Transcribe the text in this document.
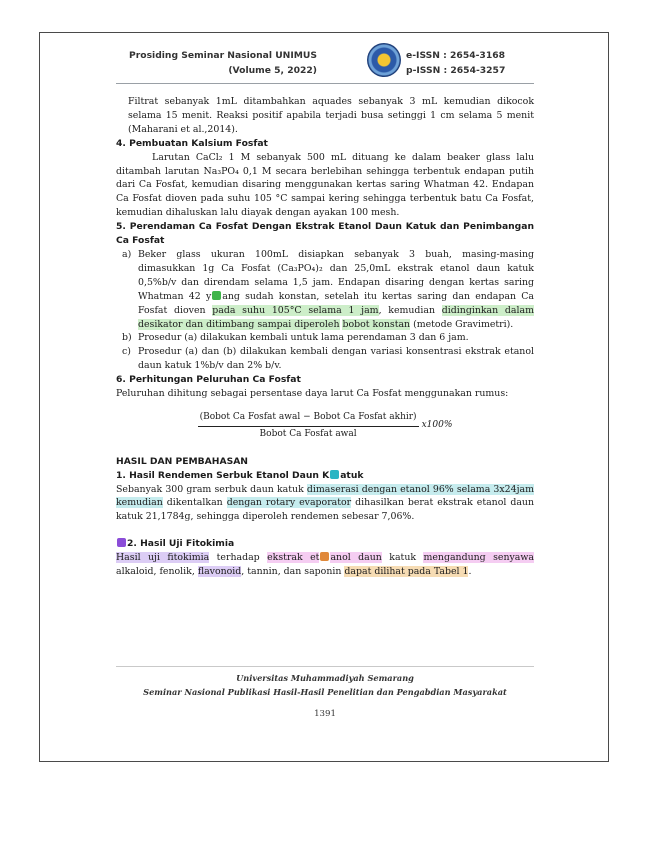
Prosiding Seminar Nasional UNIMUS
(Volume 5, 2022)
e-ISSN : 2654-3168
p-ISSN : 2654-3257

Filtrat sebanyak 1mL ditambahkan aquades sebanyak 3 mL kemudian dikocok selama 15 menit. Reaksi positif apabila terjadi busa setinggi 1 cm selama 5 menit (Maharani et al.,2014).

4. Pembuatan Kalsium Fosfat

Larutan CaCl₂ 1 M sebanyak 500 mL dituang ke dalam beaker glass lalu ditambah larutan Na₃PO₄ 0,1 M secara berlebihan sehingga terbentuk endapan putih dari Ca Fosfat, kemudian disaring menggunakan kertas saring Whatman 42. Endapan Ca Fosfat dioven pada suhu 105 °C sampai kering sehingga terbentuk batu Ca Fosfat, kemudian dihaluskan lalu diayak dengan ayakan 100 mesh.

5. Perendaman Ca Fosfat Dengan Ekstrak Etanol Daun Katuk dan Penimbangan Ca Fosfat

a) Beker glass ukuran 100mL disiapkan sebanyak 3 buah, masing-masing dimasukkan 1g Ca Fosfat (Ca₃PO₄)₂ dan 25,0mL ekstrak etanol daun katuk 0,5%b/v dan direndam selama 1,5 jam. Endapan disaring dengan kertas saring Whatman 42 y ang sudah konstan, setelah itu kertas saring dan endapan Ca Fosfat dioven pada suhu 105°C selama 1 jam, kemudian didinginkan dalam desikator dan ditimbang sampai diperoleh bobot konstan (metode Gravimetri).
b) Prosedur (a) dilakukan kembali untuk lama perendaman 3 dan 6 jam.
c) Prosedur (a) dan (b) dilakukan kembali dengan variasi konsentrasi ekstrak etanol daun katuk 1%b/v dan 2% b/v.

6. Perhitungan Peluruhan Ca Fosfat

Peluruhan dihitung sebagai persentase daya larut Ca Fosfat menggunakan rumus:

$\frac{\text{(Bobot Ca Fosfat awal − Bobot Ca Fosfat akhir)}}{\text{Bobot Ca Fosfat awal}} x100\%$

HASIL DAN PEMBAHASAN

1. Hasil Rendemen Serbuk Etanol Daun K atuk

Sebanyak 300 gram serbuk daun katuk dimaserasi dengan etanol 96% selama 3x24jam kemudian dikentalkan dengan rotary evaporator dihasilkan berat ekstrak etanol daun katuk 21,1784g, sehingga diperoleh rendemen sebesar 7,06%.

2. Hasil Uji Fitokimia

Hasil uji fitokimia terhadap ekstrak et anol daun katuk mengandung senyawa alkaloid, fenolik, flavonoid, tannin, dan saponin dapat dilihat pada Tabel 1.

Universitas Muhammadiyah Semarang
Seminar Nasional Publikasi Hasil-Hasil Penelitian dan Pengabdian Masyarakat
1391
